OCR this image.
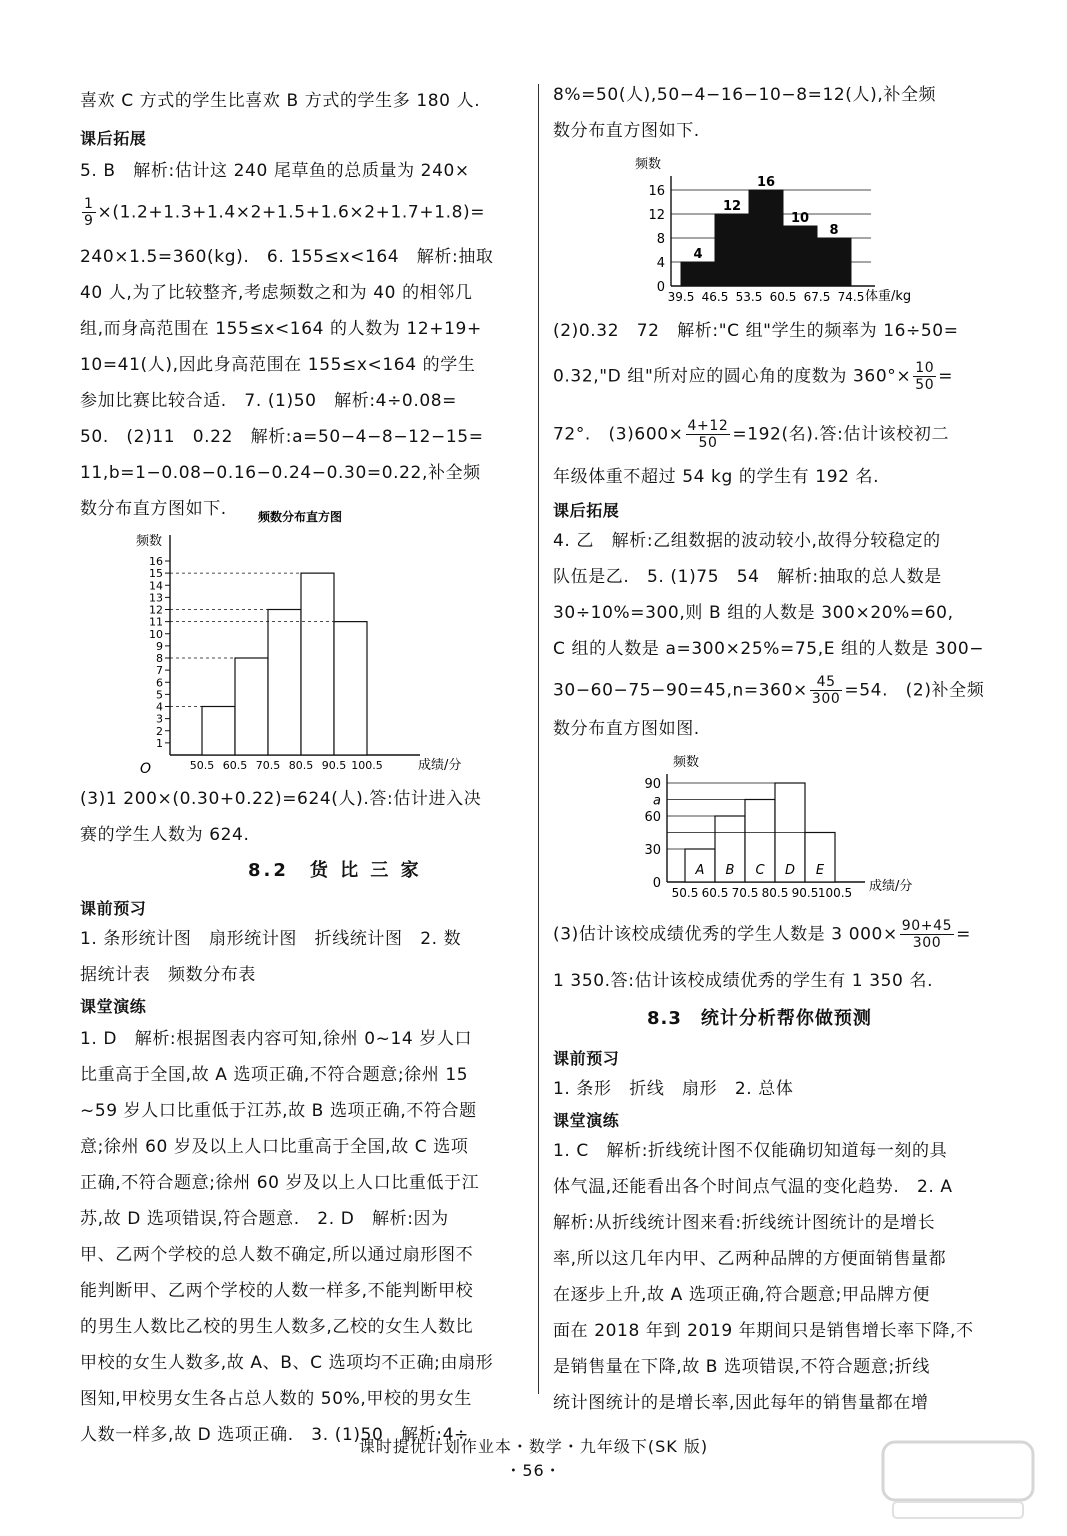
喜欢 C 方式的学生比喜欢 B 方式的学生多 180 人.
课后拓展
5. B　解析:估计这 240 尾草鱼的总质量为 240×
$\frac{1}{9} \times(1.2+1.3+1.4\times 2+1.5+1.6\times 2+1.7+1.8)=$
240×1.5=360(kg).　6. 155≤x<164　解析:抽取
40 人,为了比较整齐,考虑频数之和为 40 的相邻几
组,而身高范围在 155≤x<164 的人数为 12+19+
10=41(人),因此身高范围在 155≤x<164 的学生
参加比赛比较合适.　7. (1)50　解析:4÷0.08=
50.　(2)11　0.22　解析:a=50−4−8−12−15=
11,b=1−0.08−0.16−0.24−0.30=0.22,补全频
数分布直方图如下.	频数分布直方图
频数
成绩/分
O
1
2
3
4
5
6
7
8
9
10
11
12
13
14
15
16
50.5 60.5 70.5 80.5 90.5 100.5
(3)1 200×(0.30+0.22)=624(人).答:估计进入决
赛的学生人数为 624.
8.2　货 比 三 家
课前预习
1. 条形统计图　扇形统计图　折线统计图　2. 数
据统计表　频数分布表
课堂演练
1. D　解析:根据图表内容可知,徐州 0~14 岁人口
比重高于全国,故 A 选项正确,不符合题意;徐州 15
~59 岁人口比重低于江苏,故 B 选项正确,不符合题
意;徐州 60 岁及以上人口比重高于全国,故 C 选项
正确,不符合题意;徐州 60 岁及以上人口比重低于江
苏,故 D 选项错误,符合题意.　2. D　解析:因为
甲、乙两个学校的总人数不确定,所以通过扇形图不
能判断甲、乙两个学校的人数一样多,不能判断甲校
的男生人数比乙校的男生人数多,乙校的女生人数比
甲校的女生人数多,故 A、B、C 选项均不正确;由扇形
图知,甲校男女生各占总人数的 50%,甲校的男女生
人数一样多,故 D 选项正确.　3. (1)50　解析:4÷
8%=50(人),50−4−16−10−8=12(人),补全频
数分布直方图如下.
频数
体重/kg
0
4
8
12
16
4
12
16
10
8
39.5 46.5 53.5 60.5 67.5 74.5
(2)0.32　72　解析:"C 组"学生的频率为 16÷50=
0.32,"D 组"所对应的圆心角的度数为 $360^\circ\times \frac{10}{50}$ =
72°.　$(3)600\times \frac{4+12}{50} =192$(名).答:估计该校初二
年级体重不超过 54 kg 的学生有 192 名.
课后拓展
4. 乙　解析:乙组数据的波动较小,故得分较稳定的
队伍是乙.　5. (1)75　54　解析:抽取的总人数是
30÷10%=300,则 B 组的人数是 300×20%=60,
C 组的人数是 a=300×25%=75,E 组的人数是 300−
$30-60-75-90=45,n=360\times \frac{45}{300} =54$.　(2)补全频
数分布直方图如图.
频数
成绩/分
0
30
60
a
90
A B C D E
50.5 60.5 70.5 80.5 90.5 100.5
(3)估计该校成绩优秀的学生人数是 3 $000\times \frac{90+45}{300}$ =
1 350.答:估计该校成绩优秀的学生有 1 350 名.
8.3　统计分析帮你做预测
课前预习
1. 条形　折线　扇形　2. 总体
课堂演练
1. C　解析:折线统计图不仅能确切知道每一刻的具
体气温,还能看出各个时间点气温的变化趋势.　2. A
解析:从折线统计图来看:折线统计图统计的是增长
率,所以这几年内甲、乙两种品牌的方便面销售量都
在逐步上升,故 A 选项正确,符合题意;甲品牌方便
面在 2018 年到 2019 年期间只是销售增长率下降,不
是销售量在下降,故 B 选项错误,不符合题意;折线
统计图统计的是增长率,因此每年的销售量都在增
课时提优计划作业本・数学・九年级下(SK 版)
・56・
